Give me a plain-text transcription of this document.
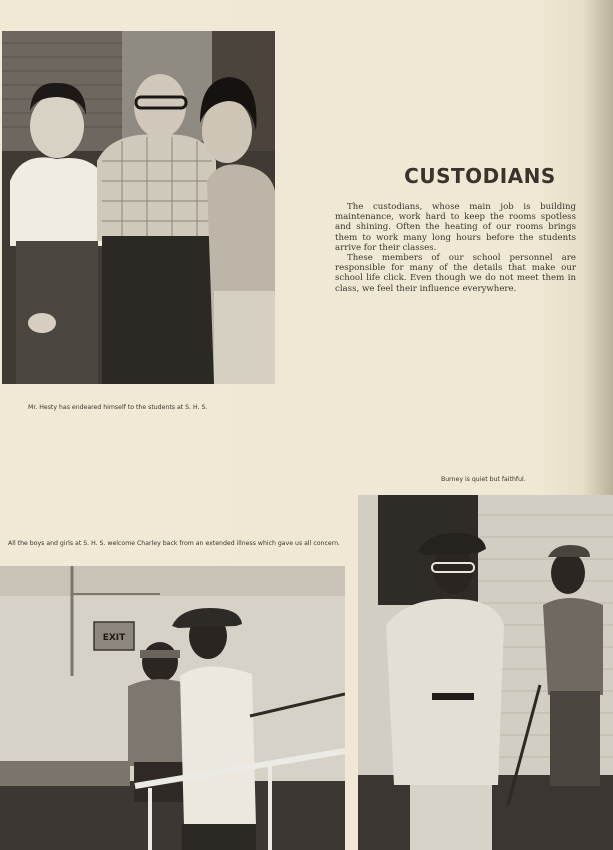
CUSTODIANS

The custodians, whose main job is building maintenance, work hard to keep the rooms spotless and shining. Often the heating of our rooms brings them to work many long hours before the students arrive for their classes.

These members of our school personnel are responsible for many of the details that make our school life click. Even though we do not meet them in class, we feel their influence everywhere.

Mr. Hesty has endeared himself to the students at S. H. S.

Burney is quiet but faithful.

All the boys and girls at S. H. S. welcome Charley back from an extended illness which gave us all concern.

EXIT
